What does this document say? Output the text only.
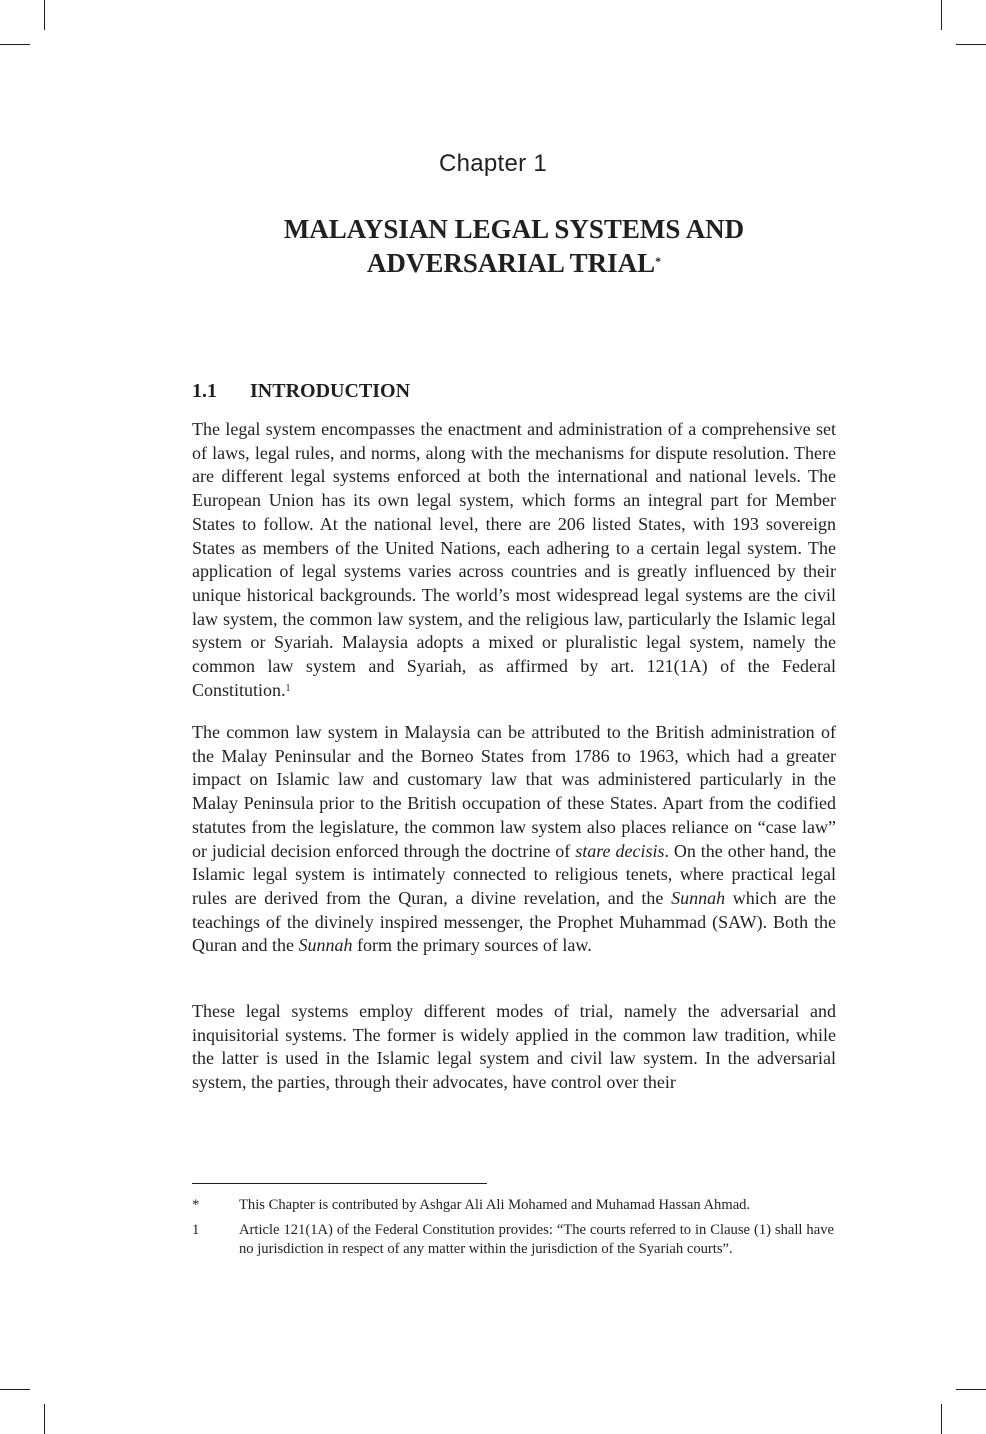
Chapter 1
MALAYSIAN LEGAL SYSTEMS AND
ADVERSARIAL TRIAL*
1.1 INTRODUCTION

The legal system encompasses the enactment and administration of a comprehensive set of laws, legal rules, and norms, along with the mechanisms for dispute resolution. There are different legal systems enforced at both the international and national levels. The European Union has its own legal system, which forms an integral part for Member States to follow. At the national level, there are 206 listed States, with 193 sovereign States as members of the United Nations, each adhering to a certain legal system. The application of legal systems varies across countries and is greatly influenced by their unique historical backgrounds. The world’s most widespread legal systems are the civil law system, the common law system, and the religious law, particularly the Islamic legal system or Syariah. Malaysia adopts a mixed or pluralistic legal system, namely the common law system and Syariah, as affirmed by art. 121(1A) of the Federal Constitution.$^1$

The common law system in Malaysia can be attributed to the British administration of the Malay Peninsular and the Borneo States from 1786 to 1963, which had a greater impact on Islamic law and customary law that was administered particularly in the Malay Peninsula prior to the British occupation of these States. Apart from the codified statutes from the legislature, the common law system also places reliance on “case law” or judicial decision enforced through the doctrine of stare decisis. On the other hand, the Islamic legal system is intimately connected to religious tenets, where practical legal rules are derived from the Quran, a divine revelation, and the Sunnah which are the teachings of the divinely inspired messenger, the Prophet Muhammad (SAW). Both the Quran and the Sunnah form the primary sources of law.

These legal systems employ different modes of trial, namely the adversarial and inquisitorial systems. The former is widely applied in the common law tradition, while the latter is used in the Islamic legal system and civil law system. In the adversarial system, the parties, through their advocates, have control over their

*	This Chapter is contributed by Ashgar Ali Ali Mohamed and Muhamad Hassan Ahmad.
1	Article 121(1A) of the Federal Constitution provides: “The courts referred to in Clause (1) shall have no jurisdiction in respect of any matter within the jurisdiction of the Syariah courts”.
